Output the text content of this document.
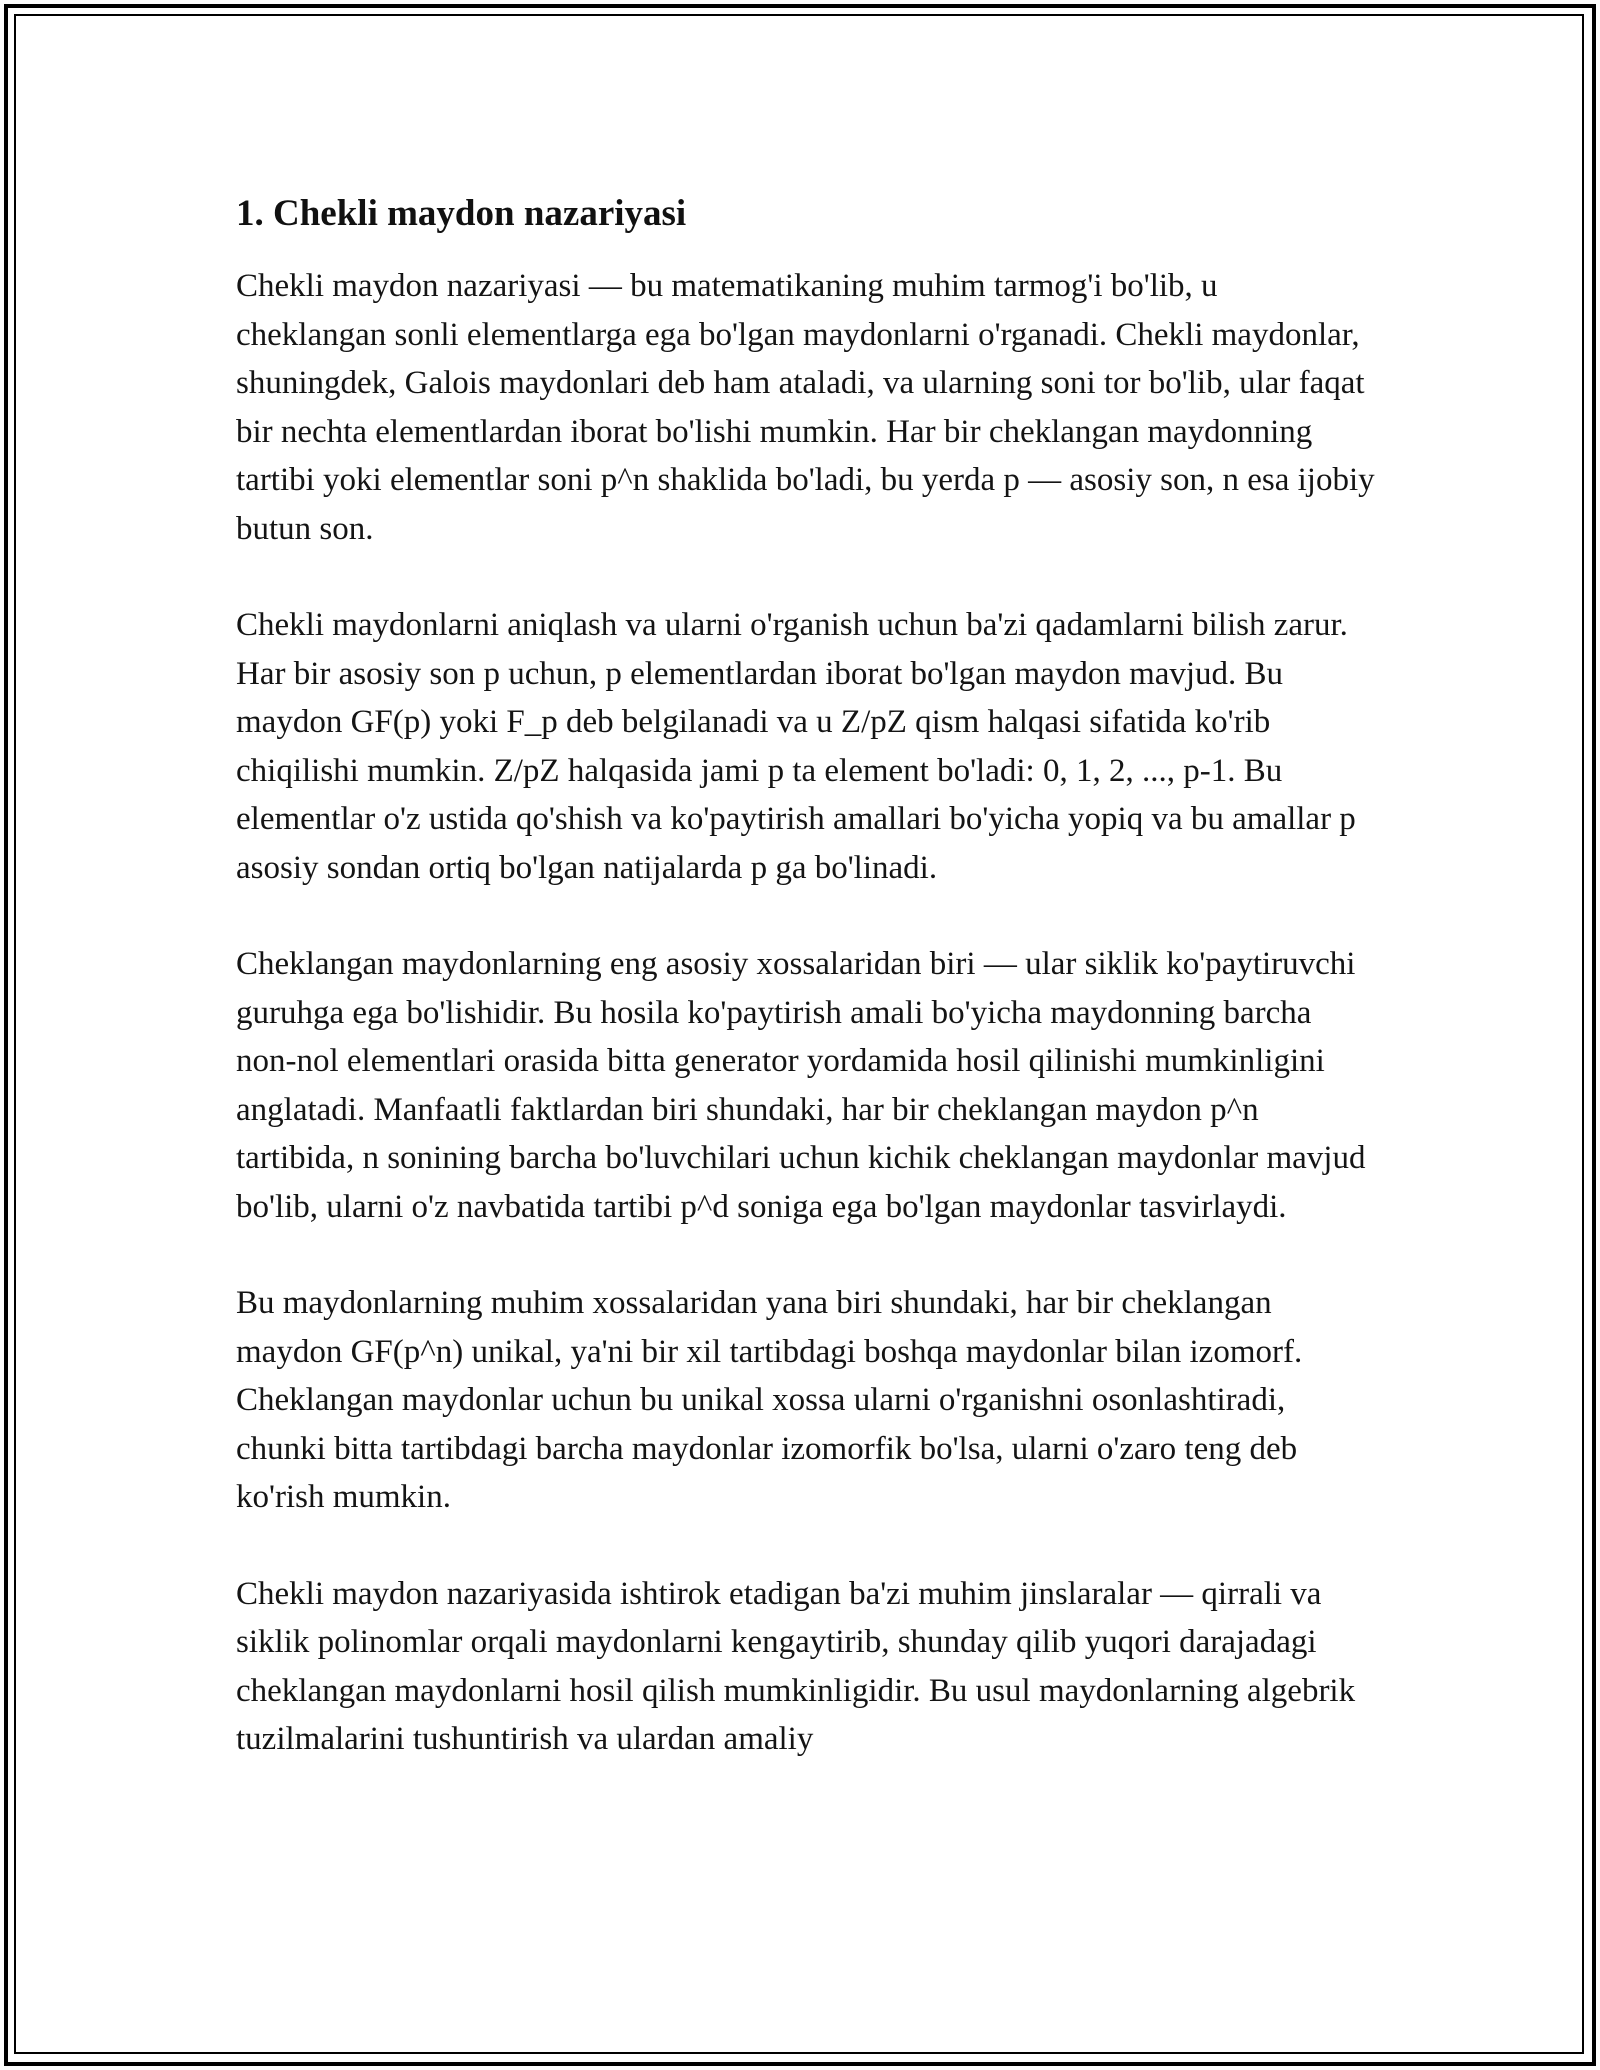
1. Chekli maydon nazariyasi

Chekli maydon nazariyasi — bu matematikaning muhim tarmog'i bo'lib, u cheklangan sonli elementlarga ega bo'lgan maydonlarni o'rganadi. Chekli maydonlar, shuningdek, Galois maydonlari deb ham ataladi, va ularning soni tor bo'lib, ular faqat bir nechta elementlardan iborat bo'lishi mumkin. Har bir cheklangan maydonning tartibi yoki elementlar soni p^n shaklida bo'ladi, bu yerda p — asosiy son, n esa ijobiy butun son.

Chekli maydonlarni aniqlash va ularni o'rganish uchun ba'zi qadamlarni bilish zarur. Har bir asosiy son p uchun, p elementlardan iborat bo'lgan maydon mavjud. Bu maydon GF(p) yoki F_p deb belgilanadi va u Z/pZ qism halqasi sifatida ko'rib chiqilishi mumkin. Z/pZ halqasida jami p ta element bo'ladi: 0, 1, 2, ..., p-1. Bu elementlar o'z ustida qo'shish va ko'paytirish amallari bo'yicha yopiq va bu amallar p asosiy sondan ortiq bo'lgan natijalarda p ga bo'linadi.

Cheklangan maydonlarning eng asosiy xossalaridan biri — ular siklik ko'paytiruvchi guruhga ega bo'lishidir. Bu hosila ko'paytirish amali bo'yicha maydonning barcha non-nol elementlari orasida bitta generator yordamida hosil qilinishi mumkinligini anglatadi. Manfaatli faktlardan biri shundaki, har bir cheklangan maydon p^n tartibida, n sonining barcha bo'luvchilari uchun kichik cheklangan maydonlar mavjud bo'lib, ularni o'z navbatida tartibi p^d soniga ega bo'lgan maydonlar tasvirlaydi.

Bu maydonlarning muhim xossalaridan yana biri shundaki, har bir cheklangan maydon GF(p^n) unikal, ya'ni bir xil tartibdagi boshqa maydonlar bilan izomorf. Cheklangan maydonlar uchun bu unikal xossa ularni o'rganishni osonlashtiradi, chunki bitta tartibdagi barcha maydonlar izomorfik bo'lsa, ularni o'zaro teng deb ko'rish mumkin.

Chekli maydon nazariyasida ishtirok etadigan ba'zi muhim jinslaralar — qirrali va siklik polinomlar orqali maydonlarni kengaytirib, shunday qilib yuqori darajadagi cheklangan maydonlarni hosil qilish mumkinligidir. Bu usul maydonlarning algebrik tuzilmalarini tushuntirish va ulardan amaliy
